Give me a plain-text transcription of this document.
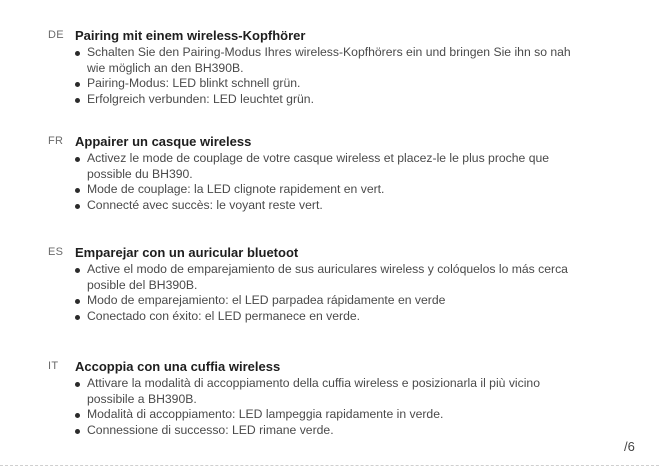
DE Pairing mit einem wireless-Kopfhörer
Schalten Sie den Pairing-Modus Ihres wireless-Kopfhörers ein und bringen Sie ihn so nah
wie möglich an den BH390B.
Pairing-Modus: LED blinkt schnell grün.
Erfolgreich verbunden: LED leuchtet grün.
FR Appairer un casque wireless
Activez le mode de couplage de votre casque wireless et placez-le le plus proche que
possible du BH390.
Mode de couplage: la LED clignote rapidement en vert.
Connecté avec succès: le voyant reste vert.
ES Emparejar con un auricular bluetoot
Active el modo de emparejamiento de sus auriculares wireless y colóquelos lo más cerca
posible del BH390B.
Modo de emparejamiento: el LED parpadea rápidamente en verde
Conectado con éxito: el LED permanece en verde.
IT Accoppia con una cuffia wireless
Attivare la modalità di accoppiamento della cuffia wireless e posizionarla il più vicino
possibile a BH390B.
Modalità di accoppiamento: LED lampeggia rapidamente in verde.
Connessione di successo: LED rimane verde.
/6
